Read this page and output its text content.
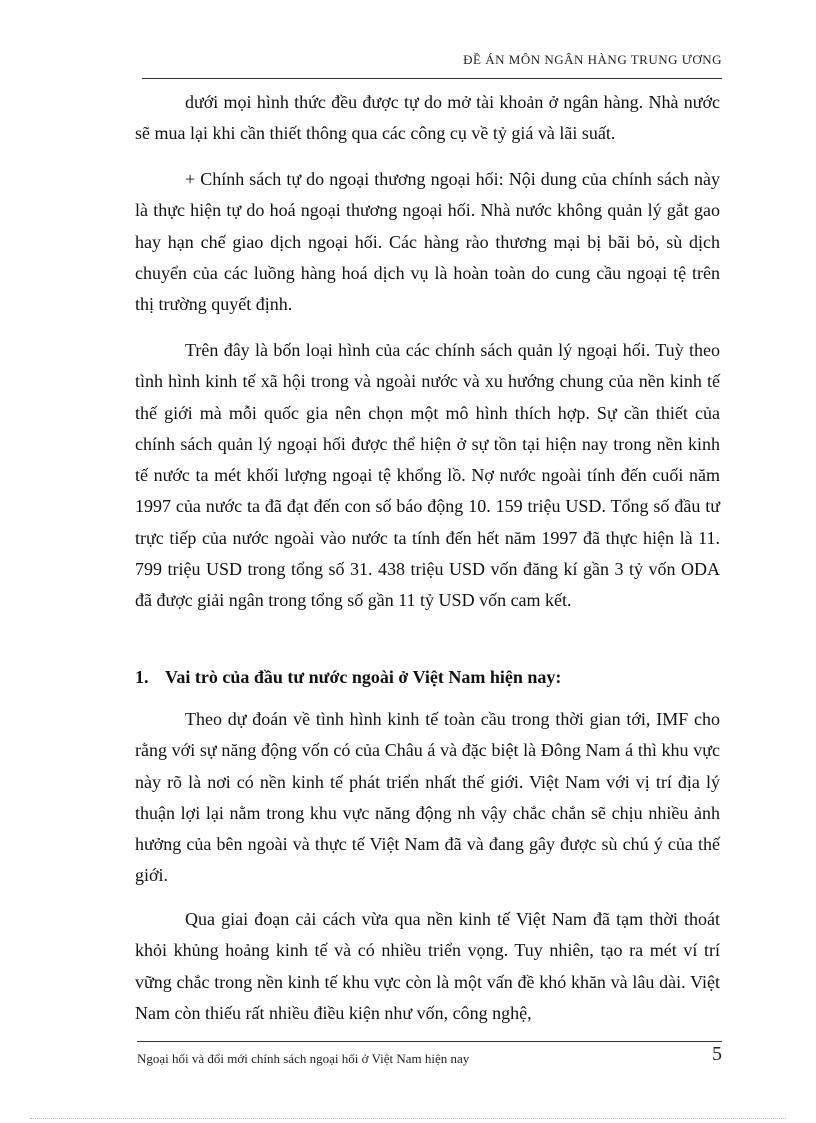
ĐỀ ÁN MÔN NGÂN HÀNG TRUNG ƯƠNG
dưới mọi hình thức đều được tự do mở tài khoản ở ngân hàng. Nhà nước sẽ mua lại khi cần thiết thông qua các công cụ về tỷ giá và lãi suất.
+ Chính sách tự do ngoại thương ngoại hối: Nội dung của chính sách này là thực hiện tự do hoá ngoại thương ngoại hối. Nhà nước không quản lý gắt gao hay hạn chế giao dịch ngoại hối. Các hàng rào thương mại bị bãi bỏ, sù dịch chuyển của các luồng hàng hoá dịch vụ là hoàn toàn do cung cầu ngoại tệ trên thị trường quyết định.
Trên đây là bốn loại hình của các chính sách quản lý ngoại hối. Tuỳ theo tình hình kinh tế xã hội trong và ngoài nước và xu hướng chung của nền kinh tế thế giới mà mỗi quốc gia nên chọn một mô hình thích hợp. Sự cần thiết của chính sách quản lý ngoại hối được thể hiện ở sự tồn tại hiện nay trong nền kinh tế nước ta mét khối lượng ngoại tệ khổng lồ. Nợ nước ngoài tính đến cuối năm 1997 của nước ta đã đạt đến con số báo động 10. 159 triệu USD. Tổng số đầu tư trực tiếp của nước ngoài vào nước ta tính đến hết năm 1997 đã thực hiện là 11. 799 triệu USD trong tổng số 31. 438 triệu USD vốn đăng kí gần 3 tỷ vốn ODA đã được giải ngân trong tổng số gần 11 tỷ USD vốn cam kết.
1. Vai trò của đầu tư nước ngoài ở Việt Nam hiện nay:
Theo dự đoán về tình hình kinh tế toàn cầu trong thời gian tới, IMF cho rằng với sự năng động vốn có của Châu á và đặc biệt là Đông Nam á thì khu vực này rõ là nơi có nền kinh tế phát triển nhất thế giới. Việt Nam với vị trí địa lý thuận lợi lại nằm trong khu vực năng động nh vậy chắc chắn sẽ chịu nhiều ảnh hưởng của bên ngoài và thực tế Việt Nam đã và đang gây được sù chú ý của thế giới.
Qua giai đoạn cải cách vừa qua nền kinh tế Việt Nam đã tạm thời thoát khỏi khủng hoảng kinh tế và có nhiều triển vọng. Tuy nhiên, tạo ra mét ví trí vững chắc trong nền kinh tế khu vực còn là một vấn đề khó khăn và lâu dài. Việt Nam còn thiếu rất nhiều điều kiện như vốn, công nghệ,
Ngoại hối và đổi mới chính sách ngoại hối ở Việt Nam hiện nay	5
